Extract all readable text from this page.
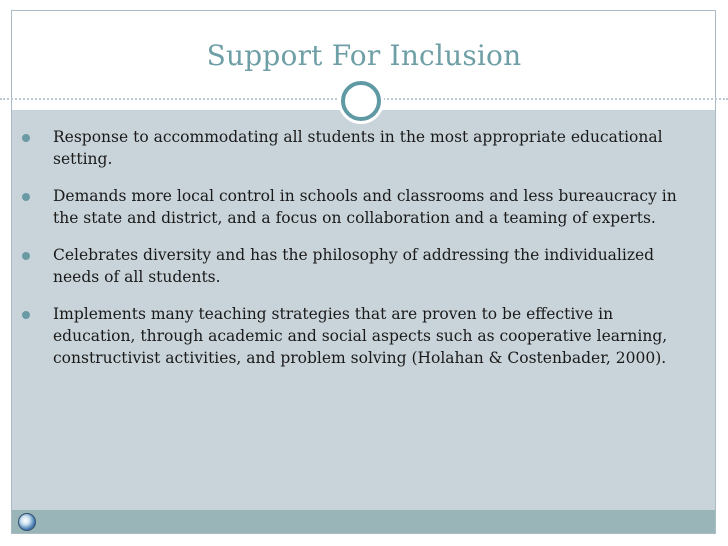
Support For Inclusion
Response to accommodating all students in the most appropriate educational setting.
Demands more local control in schools and classrooms and less bureaucracy in the state and district, and a focus on collaboration and a teaming of experts.
Celebrates diversity and has the philosophy of addressing the individualized needs of all students.
Implements many teaching strategies that are proven to be effective in education, through academic and social aspects such as cooperative learning, constructivist activities, and problem solving (Holahan & Costenbader, 2000).
